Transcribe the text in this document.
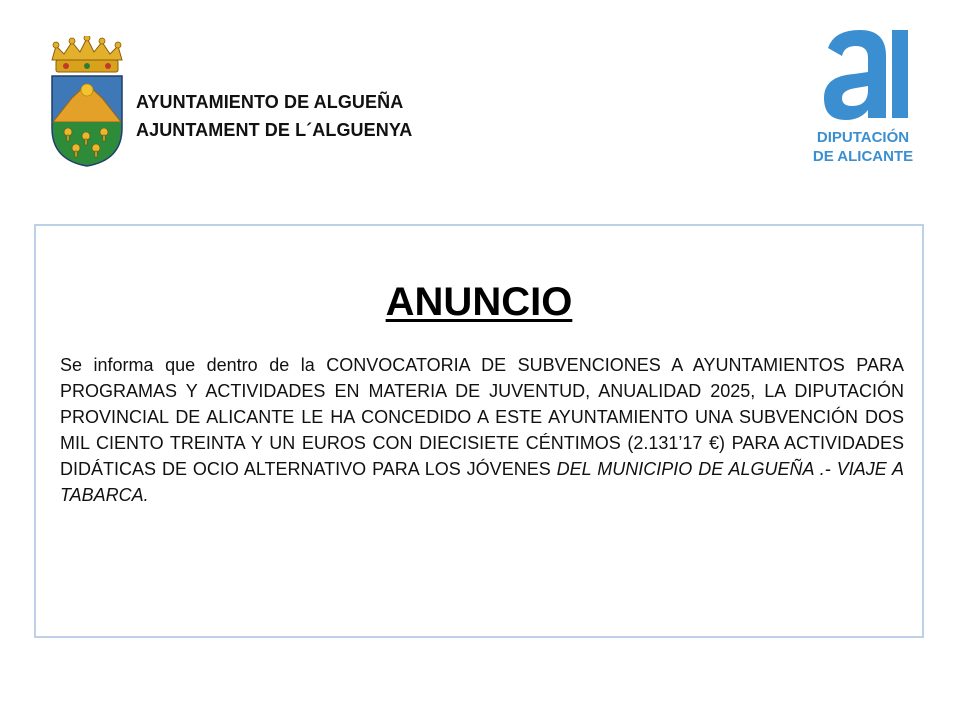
AYUNTAMIENTO DE ALGUEÑA
AJUNTAMENT DE L´ALGUENYA	DIPUTACIÓN
DE ALICANTE
ANUNCIO
Se informa que dentro de la CONVOCATORIA DE SUBVENCIONES A AYUNTAMIENTOS PARA PROGRAMAS Y ACTIVIDADES EN MATERIA DE JUVENTUD, ANUALIDAD 2025, LA DIPUTACIÓN PROVINCIAL DE ALICANTE LE HA CONCEDIDO A ESTE AYUNTAMIENTO UNA SUBVENCIÓN DOS MIL CIENTO TREINTA Y UN EUROS CON DIECISIETE CÉNTIMOS (2.131’17 €) PARA ACTIVIDADES DIDÁTICAS DE OCIO ALTERNATIVO PARA LOS JÓVENES DEL MUNICIPIO DE ALGUEÑA .- VIAJE A TABARCA.
